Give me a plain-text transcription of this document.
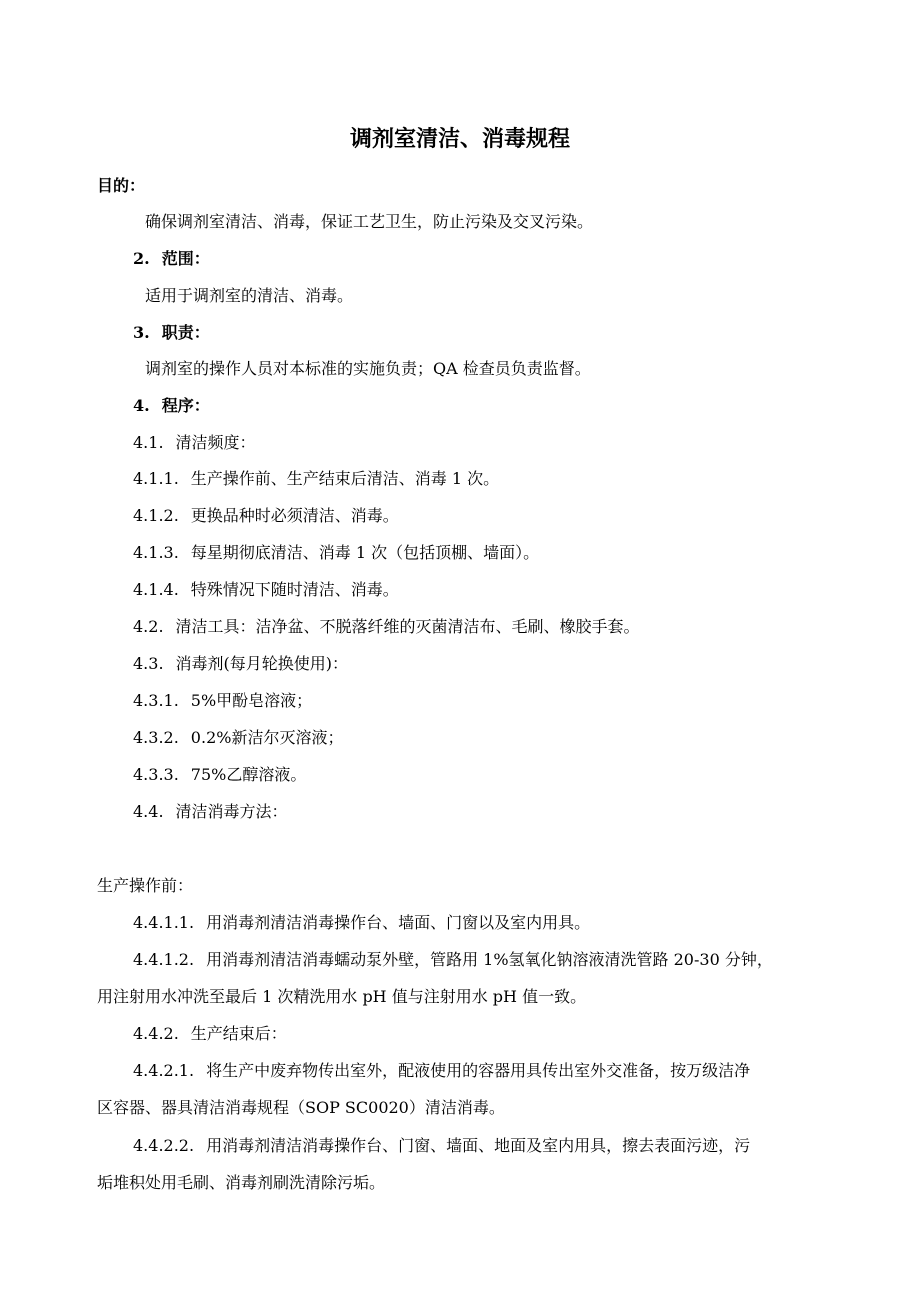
调剂室清洁、消毒规程
目的：
确保调剂室清洁、消毒，保证工艺卫生，防止污染及交叉污染。
2. 范围：
适用于调剂室的清洁、消毒。
3. 职责：
调剂室的操作人员对本标准的实施负责；QA 检查员负责监督。
4. 程序：
4.1. 清洁频度：
4.1.1. 生产操作前、生产结束后清洁、消毒 1 次。
4.1.2. 更换品种时必须清洁、消毒。
4.1.3. 每星期彻底清洁、消毒 1 次（包括顶棚、墙面）。
4.1.4. 特殊情况下随时清洁、消毒。
4.2. 清洁工具：洁净盆、不脱落纤维的灭菌清洁布、毛刷、橡胶手套。
4.3. 消毒剂(每月轮换使用)：
4.3.1. 5%甲酚皂溶液；
4.3.2. 0.2%新洁尔灭溶液；
4.3.3. 75%乙醇溶液。
4.4. 清洁消毒方法：
生产操作前：
4.4.1.1. 用消毒剂清洁消毒操作台、墙面、门窗以及室内用具。
4.4.1.2. 用消毒剂清洁消毒蠕动泵外壁，管路用 1%氢氧化钠溶液清洗管路 20-30 分钟，
用注射用水冲洗至最后 1 次精洗用水 pH 值与注射用水 pH 值一致。
4.4.2. 生产结束后：
4.4.2.1. 将生产中废弃物传出室外，配液使用的容器用具传出室外交准备，按万级洁净
区容器、器具清洁消毒规程（SOP SC0020）清洁消毒。
4.4.2.2. 用消毒剂清洁消毒操作台、门窗、墙面、地面及室内用具，擦去表面污迹，污
垢堆积处用毛刷、消毒剂刷洗清除污垢。
